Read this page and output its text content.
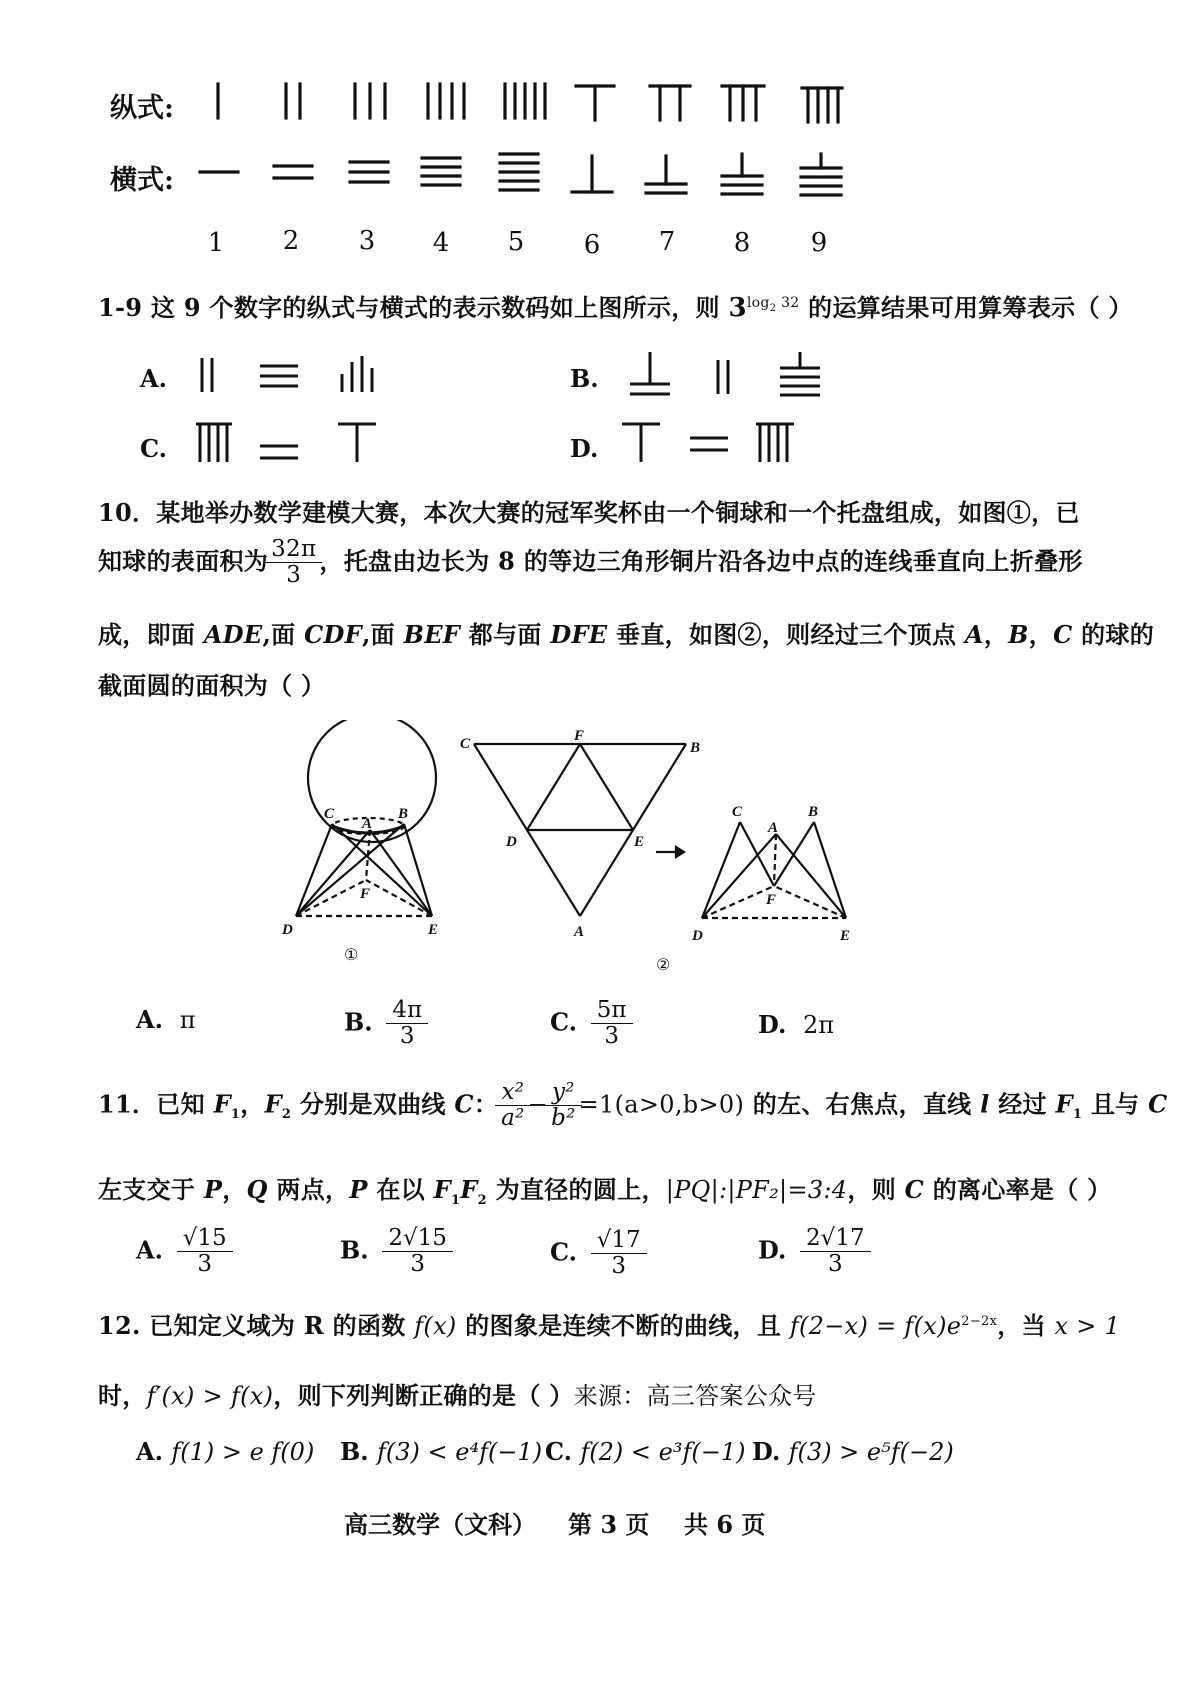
纵式:
横式:
1	2	3	4	5	6	7	8	9
1-9 这 9 个数字的纵式与横式的表示数码如上图所示，则 $3^{log_2 32}$ 的运算结果可用算筹表示（ ）
A.	B.
C.	D.
10．某地举办数学建模大赛，本次大赛的冠军奖杯由一个铜球和一个托盘组成，如图①，已
知球的表面积为 $\frac{32\pi}{3}$ ，托盘由边长为 8 的等边三角形铜片沿各边中点的连线垂直向上折叠形
成，即面 ADE,面 CDF,面 BEF 都与面 DFE 垂直，如图②，则经过三个顶点 A，B，C 的球的
截面圆的面积为（ ）
C	B
A
F
D	E
C	F
B
D	E
A
C
A
B
F
D	E
①
②
A. π	B. $\frac{4\pi}{3}$	C. $\frac{5\pi}{3}$	D. 2π
11．已知 $F_1$，$F_2$ 分别是双曲线 C： $\frac{\text{x²}}{\text{a²}} - \frac{\text{y²}}{\text{b²}} =1(a>0,b>0)$ 的左、右焦点，直线 l 经过 $F_1$ 且与 C
左支交于 P，Q 两点，P 在以 $F_1F_2$ 为直径的圆上，|PQ|:|PF₂|=3:4，则 C 的离心率是（ ）
A. $\frac{√15}{3}$	B. $\frac{2√15}{3}$	C. $\frac{√17}{3}$	D. $\frac{2√17}{3}$
12. 已知定义域为 R 的函数 f(x) 的图象是连续不断的曲线，且 $f(2-x) = f(x)e^{2-2x}$，当 x > 1
时，f′(x) > f(x)，则下列判断正确的是（ ）来源：高三答案公众号
A. f(1) > e f(0) B. f(3) < e⁴f(−1) C. f(2) < e³f(−1) D. f(3) > e⁵f(−2)
高三数学（文科） 第 3 页 共 6 页
